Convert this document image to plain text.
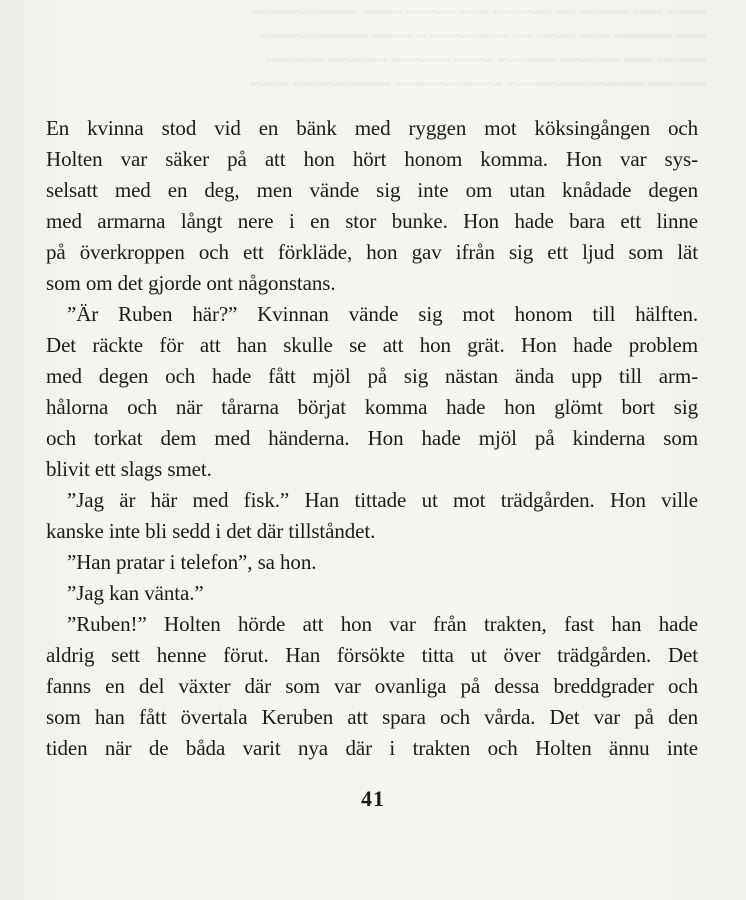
~~~~ ~~~ ~~~~~ ~~ ~~~~~~ ~~~ ~~~~~ ~~~~ ~~~~~~~~~~~
~~~ ~~~~~~ ~~~ ~~~~ ~~ ~~~~~~~~ ~ ~~~~ ~~~~~~~~~~~
~~~~~ ~~~ ~~~~~~ ~~~~~~ ~~~~ ~~~~~~ ~~~~~~ ~~~~~~
~~~~~~ ~~~~~~~~~~~~~~ ~~~~~~~~~~~ ~~~~~~~~~~ ~~~~
En kvinna stod vid en bänk med ryggen mot köksingången och
Holten var säker på att hon hört honom komma. Hon var sys-
selsatt med en deg, men vände sig inte om utan knådade degen
med armarna långt nere i en stor bunke. Hon hade bara ett linne
på överkroppen och ett förkläde, hon gav ifrån sig ett ljud som lät
som om det gjorde ont någonstans.
”Är Ruben här?” Kvinnan vände sig mot honom till hälften.
Det räckte för att han skulle se att hon grät. Hon hade problem
med degen och hade fått mjöl på sig nästan ända upp till arm-
hålorna och när tårarna börjat komma hade hon glömt bort sig
och torkat dem med händerna. Hon hade mjöl på kinderna som
blivit ett slags smet.
”Jag är här med fisk.” Han tittade ut mot trädgården. Hon ville
kanske inte bli sedd i det där tillståndet.
”Han pratar i telefon”, sa hon.
”Jag kan vänta.”
”Ruben!” Holten hörde att hon var från trakten, fast han hade
aldrig sett henne förut. Han försökte titta ut över trädgården. Det
fanns en del växter där som var ovanliga på dessa breddgrader och
som han fått övertala Keruben att spara och vårda. Det var på den
tiden när de båda varit nya där i trakten och Holten ännu inte
41
